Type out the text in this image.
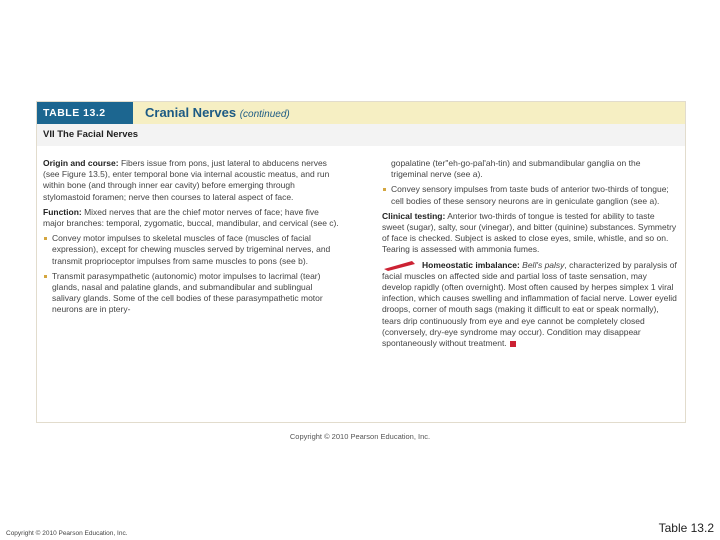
TABLE 13.2	Cranial Nerves (continued)
VII The Facial Nerves

Origin and course: Fibers issue from pons, just lateral to abducens nerves (see Figure 13.5), enter temporal bone via internal acoustic meatus, and run within bone (and through inner ear cavity) before emerging through stylomastoid foramen; nerve then courses to lateral aspect of face.

Function: Mixed nerves that are the chief motor nerves of face; have five major branches: temporal, zygomatic, buccal, mandibular, and cervical (see c).

Convey motor impulses to skeletal muscles of face (muscles of facial expression), except for chewing muscles served by trigeminal nerves, and transmit proprioceptor impulses from same muscles to pons (see b).
Transmit parasympathetic (autonomic) motor impulses to lacrimal (tear) glands, nasal and palatine glands, and submandibular and sublingual salivary glands. Some of the cell bodies of these parasympathetic motor neurons are in ptery-

gopalatine (ter"eh-go-pal'ah-tin) and submandibular ganglia on the trigeminal nerve (see a).

Convey sensory impulses from taste buds of anterior two-thirds of tongue; cell bodies of these sensory neurons are in geniculate ganglion (see a).

Clinical testing: Anterior two-thirds of tongue is tested for ability to taste sweet (sugar), salty, sour (vinegar), and bitter (quinine) substances. Symmetry of face is checked. Subject is asked to close eyes, smile, whistle, and so on. Tearing is assessed with ammonia fumes.

Homeostatic imbalance: Bell's palsy, characterized by paralysis of facial muscles on affected side and partial loss of taste sensation, may develop rapidly (often overnight). Most often caused by herpes simplex 1 viral infection, which causes swelling and inflammation of facial nerve. Lower eyelid droops, corner of mouth sags (making it difficult to eat or speak normally), tears drip continuously from eye and eye cannot be completely closed (conversely, dry-eye syndrome may occur). Condition may disappear spontaneously without treatment.

Copyright © 2010 Pearson Education, Inc.
Copyright © 2010 Pearson Education, Inc.	Table 13.2
